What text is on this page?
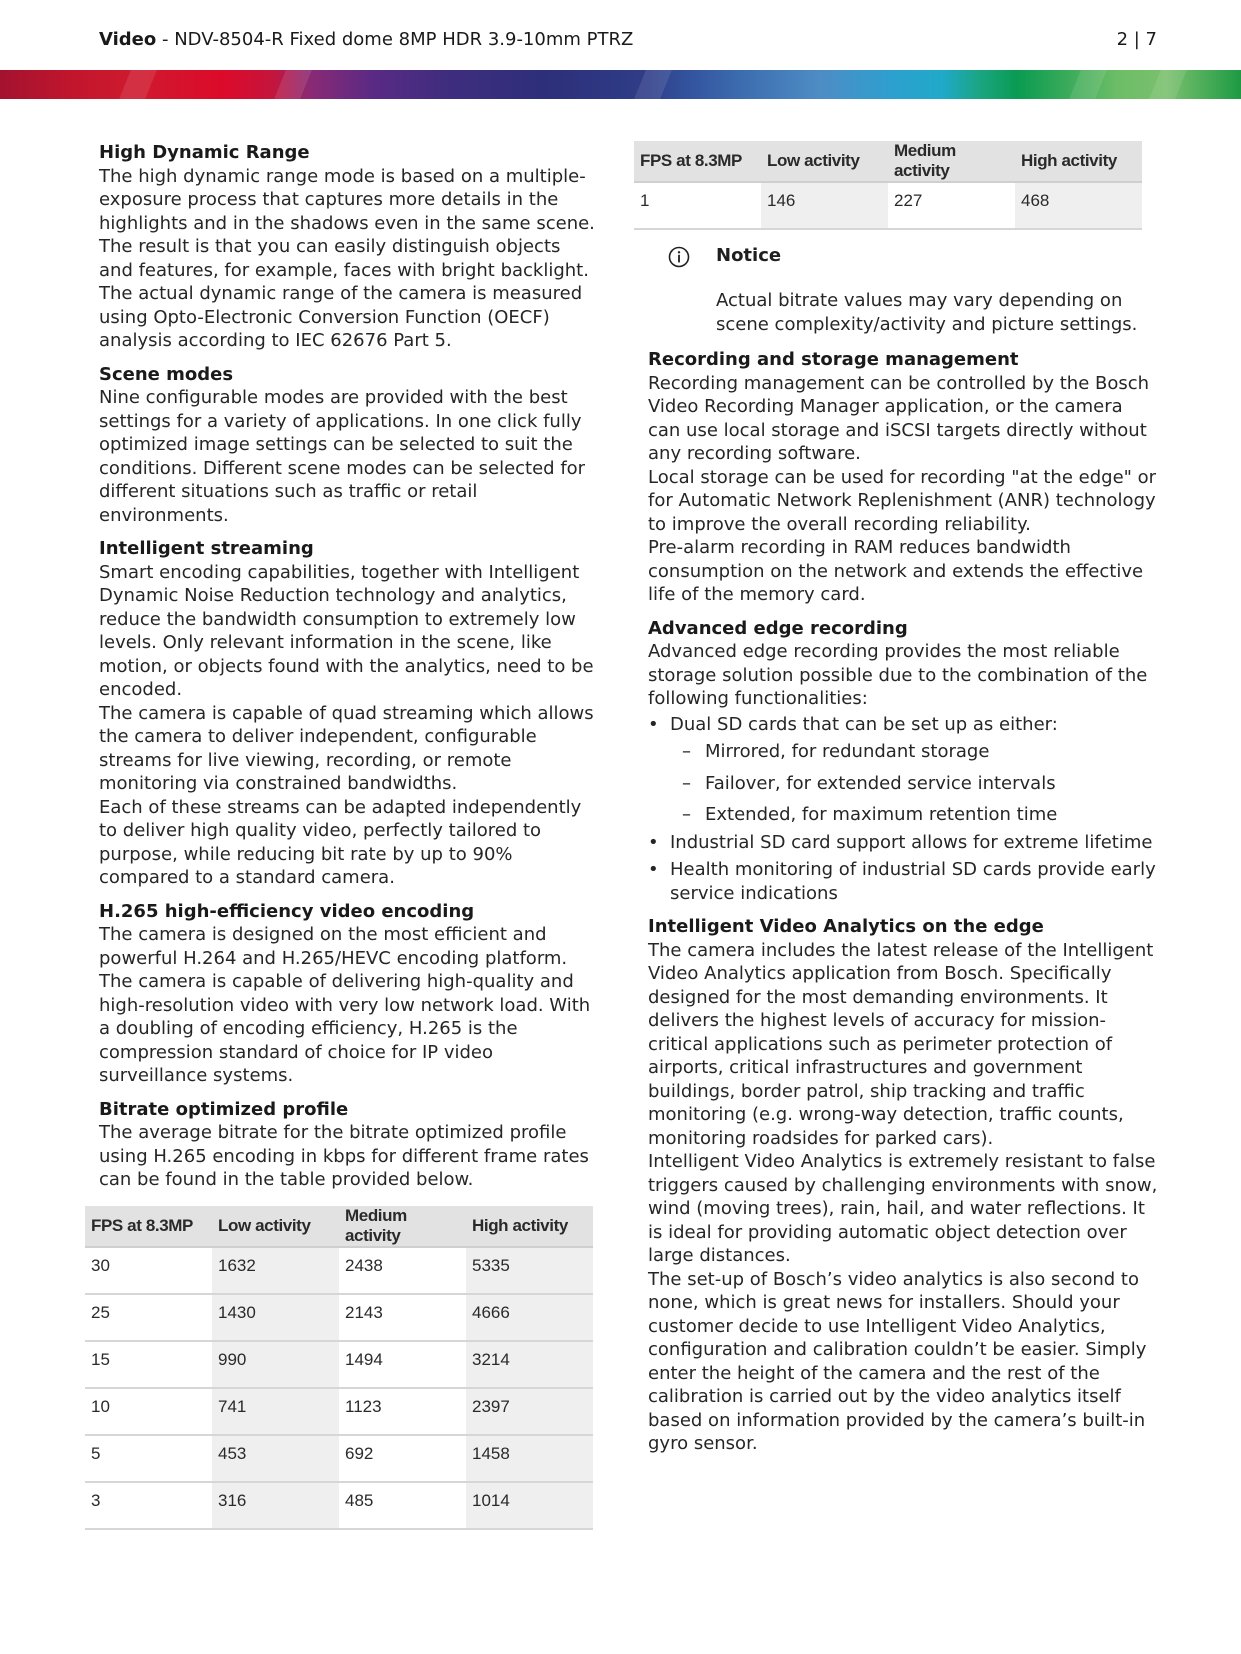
Video - NDV-8504-R Fixed dome 8MP HDR 3.9-10mm PTRZ	2 | 7
High Dynamic Range

The high dynamic range mode is based on a multiple-exposure process that captures more details in the highlights and in the shadows even in the same scene. The result is that you can easily distinguish objects and features, for example, faces with bright backlight. The actual dynamic range of the camera is measured using Opto-Electronic Conversion Function (OECF) analysis according to IEC 62676 Part 5.

Scene modes

Nine configurable modes are provided with the best settings for a variety of applications. In one click fully optimized image settings can be selected to suit the conditions. Different scene modes can be selected for different situations such as traffic or retail environments.

Intelligent streaming

Smart encoding capabilities, together with Intelligent Dynamic Noise Reduction technology and analytics, reduce the bandwidth consumption to extremely low levels. Only relevant information in the scene, like motion, or objects found with the analytics, need to be encoded.

The camera is capable of quad streaming which allows the camera to deliver independent, configurable streams for live viewing, recording, or remote monitoring via constrained bandwidths.

Each of these streams can be adapted independently to deliver high quality video, perfectly tailored to purpose, while reducing bit rate by up to 90% compared to a standard camera.

H.265 high-efficiency video encoding

The camera is designed on the most efficient and powerful H.264 and H.265/HEVC encoding platform. The camera is capable of delivering high-quality and high-resolution video with very low network load. With a doubling of encoding efficiency, H.265 is the compression standard of choice for IP video surveillance systems.

Bitrate optimized profile

The average bitrate for the bitrate optimized profile using H.265 encoding in kbps for different frame rates can be found in the table provided below.

FPS at 8.3MP	Low activity	Medium activity	High activity
30	1632	2438	5335
25	1430	2143	4666
15	990	1494	3214
10	741	1123	2397
5	453	692	1458
3	316	485	1014
FPS at 8.3MP	Low activity	Medium activity	High activity
1	146	227	468
Notice
Actual bitrate values may vary depending on scene complexity/activity and picture settings.
Recording and storage management

Recording management can be controlled by the Bosch Video Recording Manager application, or the camera can use local storage and iSCSI targets directly without any recording software.

Local storage can be used for recording "at the edge" or for Automatic Network Replenishment (ANR) technology to improve the overall recording reliability.

Pre-alarm recording in RAM reduces bandwidth consumption on the network and extends the effective life of the memory card.

Advanced edge recording

Advanced edge recording provides the most reliable storage solution possible due to the combination of the following functionalities:

• Dual SD cards that can be set up as either:
– Mirrored, for redundant storage
– Failover, for extended service intervals
– Extended, for maximum retention time
• Industrial SD card support allows for extreme lifetime
• Health monitoring of industrial SD cards provide early service indications
Intelligent Video Analytics on the edge

The camera includes the latest release of the Intelligent Video Analytics application from Bosch. Specifically designed for the most demanding environments. It delivers the highest levels of accuracy for mission-critical applications such as perimeter protection of airports, critical infrastructures and government buildings, border patrol, ship tracking and traffic monitoring (e.g. wrong-way detection, traffic counts, monitoring roadsides for parked cars).

Intelligent Video Analytics is extremely resistant to false triggers caused by challenging environments with snow, wind (moving trees), rain, hail, and water reflections. It is ideal for providing automatic object detection over large distances.

The set-up of Bosch’s video analytics is also second to none, which is great news for installers. Should your customer decide to use Intelligent Video Analytics, configuration and calibration couldn’t be easier. Simply enter the height of the camera and the rest of the calibration is carried out by the video analytics itself based on information provided by the camera’s built-in gyro sensor.
